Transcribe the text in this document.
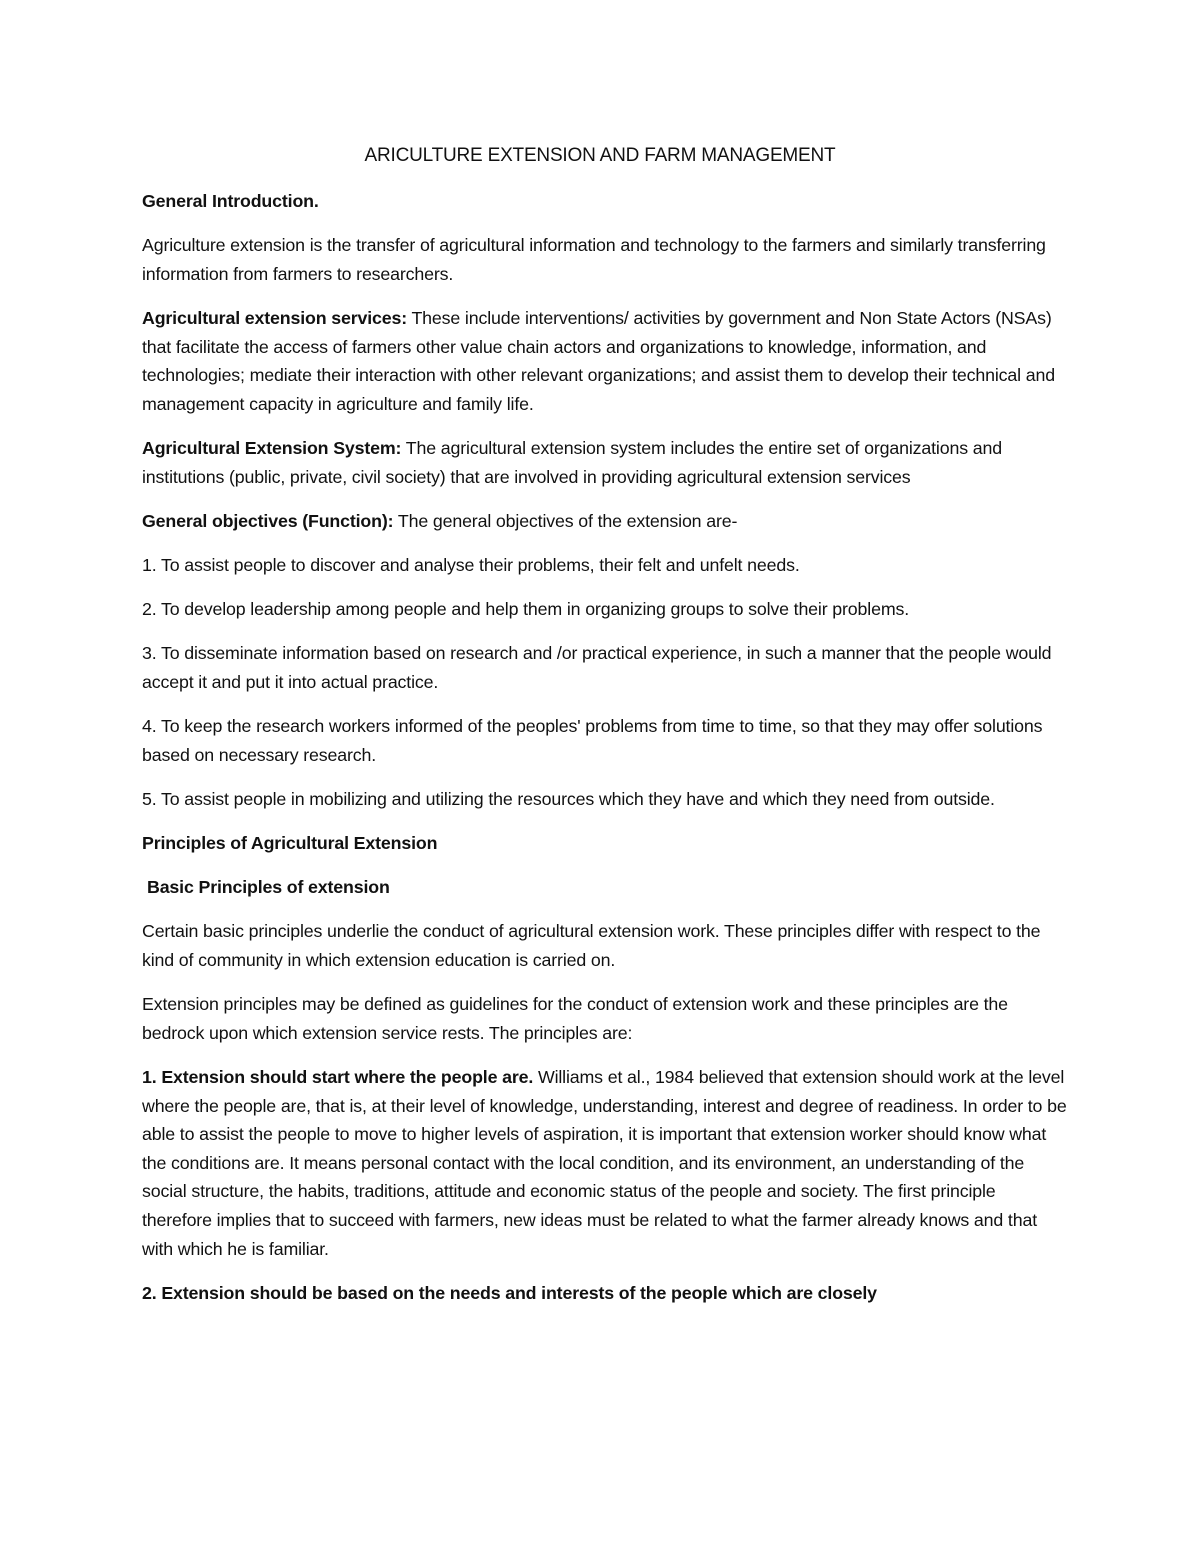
ARICULTURE EXTENSION AND FARM MANAGEMENT

General Introduction.

Agriculture extension is the transfer of agricultural information and technology to the farmers and similarly transferring information from farmers to researchers.

Agricultural extension services: These include interventions/ activities by government and Non State Actors (NSAs) that facilitate the access of farmers other value chain actors and organizations to knowledge, information, and technologies; mediate their interaction with other relevant organizations; and assist them to develop their technical and management capacity in agriculture and family life.

Agricultural Extension System: The agricultural extension system includes the entire set of organizations and institutions (public, private, civil society) that are involved in providing agricultural extension services

General objectives (Function): The general objectives of the extension are-

1. To assist people to discover and analyse their problems, their felt and unfelt needs.

2. To develop leadership among people and help them in organizing groups to solve their problems.

3. To disseminate information based on research and /or practical experience, in such a manner that the people would accept it and put it into actual practice.

4. To keep the research workers informed of the peoples' problems from time to time, so that they may offer solutions based on necessary research.

5. To assist people in mobilizing and utilizing the resources which they have and which they need from outside.

Principles of Agricultural Extension

Basic Principles of extension

Certain basic principles underlie the conduct of agricultural extension work. These principles differ with respect to the kind of community in which extension education is carried on.

Extension principles may be defined as guidelines for the conduct of extension work and these principles are the bedrock upon which extension service rests. The principles are:

1. Extension should start where the people are. Williams et al., 1984 believed that extension should work at the level where the people are, that is, at their level of knowledge, understanding, interest and degree of readiness. In order to be able to assist the people to move to higher levels of aspiration, it is important that extension worker should know what the conditions are. It means personal contact with the local condition, and its environment, an understanding of the social structure, the habits, traditions, attitude and economic status of the people and society. The first principle therefore implies that to succeed with farmers, new ideas must be related to what the farmer already knows and that with which he is familiar.

2. Extension should be based on the needs and interests of the people which are closely
